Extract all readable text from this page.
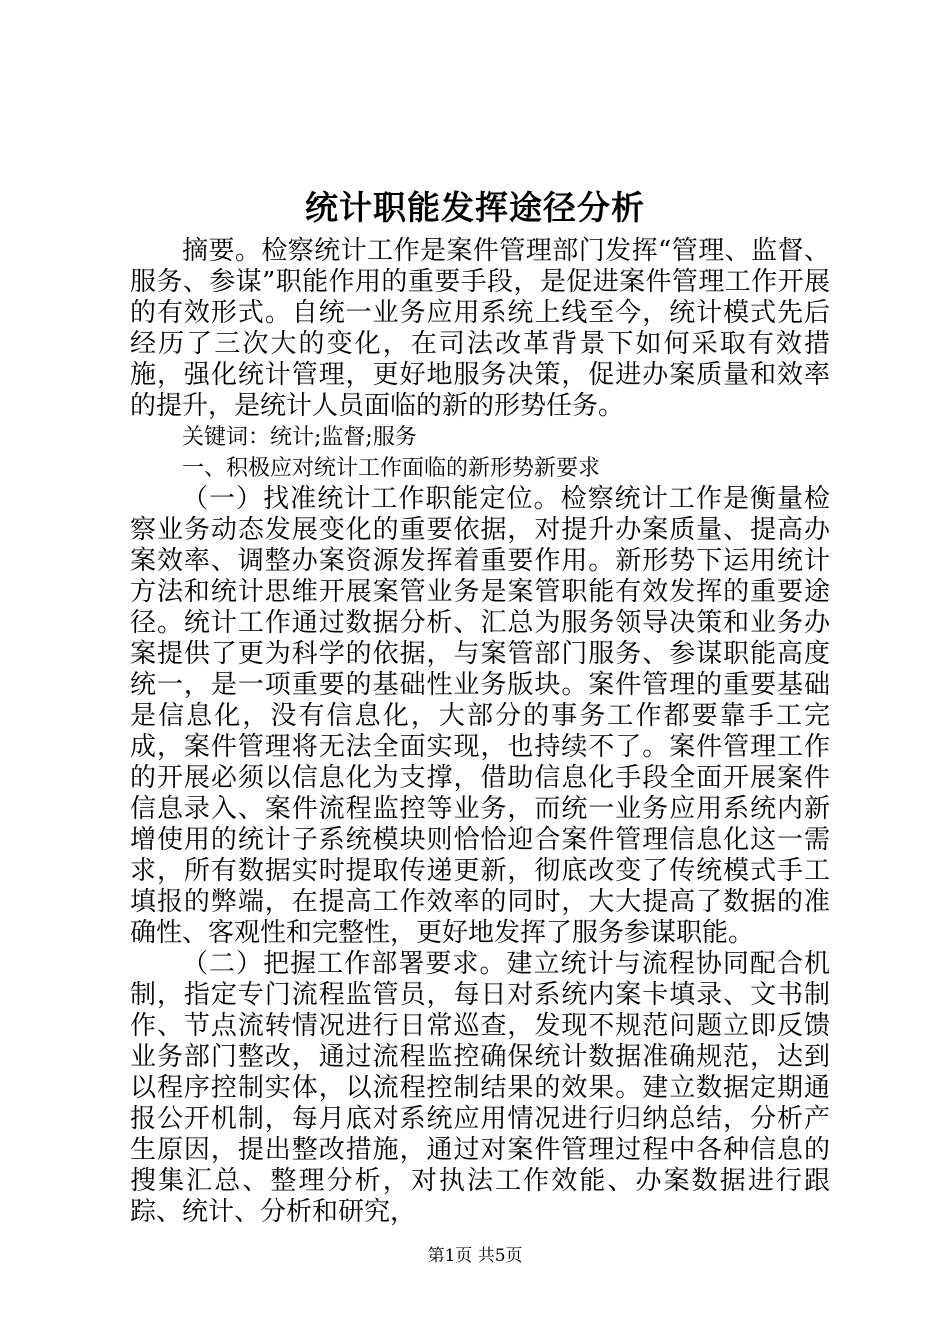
统计职能发挥途径分析

摘要。检察统计工作是案件管理部门发挥“管理、监督、服务、参谋”职能作用的重要手段，是促进案件管理工作开展的有效形式。自统一业务应用系统上线至今，统计模式先后经历了三次大的变化，在司法改革背景下如何采取有效措施，强化统计管理，更好地服务决策，促进办案质量和效率的提升，是统计人员面临的新的形势任务。

关键词：统计;监督;服务

一、积极应对统计工作面临的新形势新要求

（一）找准统计工作职能定位。检察统计工作是衡量检察业务动态发展变化的重要依据，对提升办案质量、提高办案效率、调整办案资源发挥着重要作用。新形势下运用统计方法和统计思维开展案管业务是案管职能有效发挥的重要途径。统计工作通过数据分析、汇总为服务领导决策和业务办案提供了更为科学的依据，与案管部门服务、参谋职能高度统一，是一项重要的基础性业务版块。案件管理的重要基础是信息化，没有信息化，大部分的事务工作都要靠手工完成，案件管理将无法全面实现，也持续不了。案件管理工作的开展必须以信息化为支撑，借助信息化手段全面开展案件信息录入、案件流程监控等业务，而统一业务应用系统内新增使用的统计子系统模块则恰恰迎合案件管理信息化这一需求，所有数据实时提取传递更新，彻底改变了传统模式手工填报的弊端，在提高工作效率的同时，大大提高了数据的准确性、客观性和完整性，更好地发挥了服务参谋职能。

（二）把握工作部署要求。建立统计与流程协同配合机制，指定专门流程监管员，每日对系统内案卡填录、文书制作、节点流转情况进行日常巡查，发现不规范问题立即反馈业务部门整改，通过流程监控确保统计数据准确规范，达到以程序控制实体，以流程控制结果的效果。建立数据定期通报公开机制，每月底对系统应用情况进行归纳总结，分析产生原因，提出整改措施，通过对案件管理过程中各种信息的搜集汇总、整理分析，对执法工作效能、办案数据进行跟踪、统计、分析和研究，

第1页 共5页
